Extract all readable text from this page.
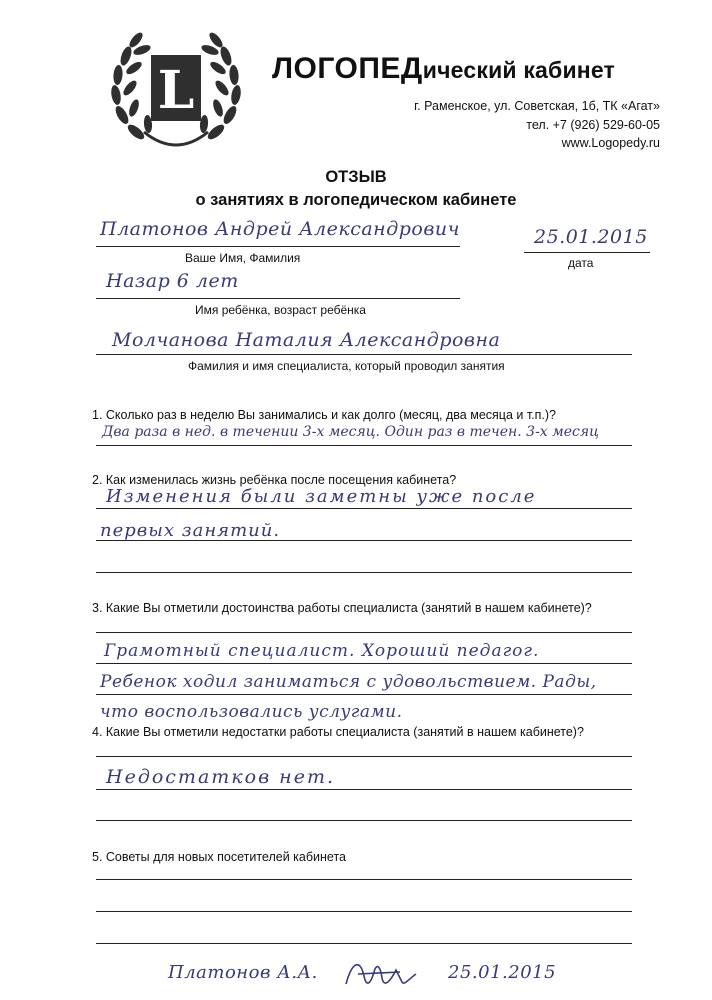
L	ЛОГОПЕДический кабинет
г. Раменское, ул. Советская, 1б, ТК «Агат»
тел. +7 (926) 529-60-05
www.Logopedy.ru
ОТЗЫВ
о занятиях в логопедическом кабинете
Платонов Андрей Александрович
Ваше Имя, Фамилия
25.01.2015
дата
Назар 6 лет
Имя ребёнка, возраст ребёнка
Молчанова Наталия Александровна
Фамилия и имя специалиста, который проводил занятия
1. Сколько раз в неделю Вы занимались и как долго (месяц, два месяца и т.п.)?
Два раза в нед. в течении 3-х месяц. Один раз в течен. 3-х месяц
2. Как изменилась жизнь ребёнка после посещения кабинета?
Изменения были заметны уже после
первых занятий.
3. Какие Вы отметили достоинства работы специалиста (занятий в нашем кабинете)?
Грамотный специалист. Хороший педагог.
Ребенок ходил заниматься с удовольствием. Рады,
что воспользовались услугами.
4. Какие Вы отметили недостатки работы специалиста (занятий в нашем кабинете)?
Недостатков нет.
5. Советы для новых посетителей кабинета
Платонов А.А.	25.01.2015
